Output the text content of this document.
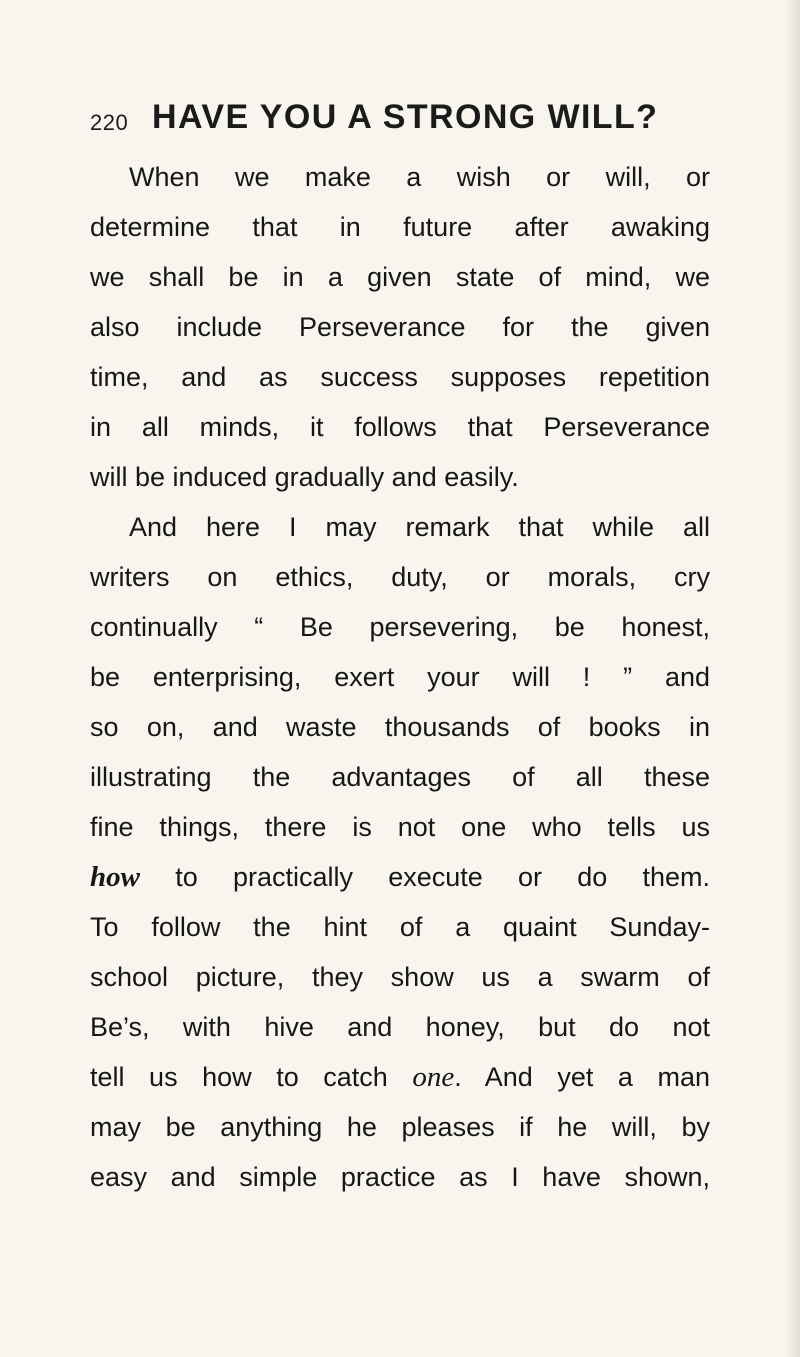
220 HAVE YOU A STRONG WILL?
When we make a wish or will, or
determine that in future after awaking
we shall be in a given state of mind, we
also include Perseverance for the given
time, and as success supposes repetition
in all minds, it follows that Perseverance
will be induced gradually and easily.
And here I may remark that while all
writers on ethics, duty, or morals, cry
continually “ Be persevering, be honest,
be enterprising, exert your will ! ” and
so on, and waste thousands of books in
illustrating the advantages of all these
fine things, there is not one who tells us
how to practically execute or do them.
To follow the hint of a quaint Sunday-
school picture, they show us a swarm of
Be’s, with hive and honey, but do not
tell us how to catch one. And yet a man
may be anything he pleases if he will, by
easy and simple practice as I have shown,
